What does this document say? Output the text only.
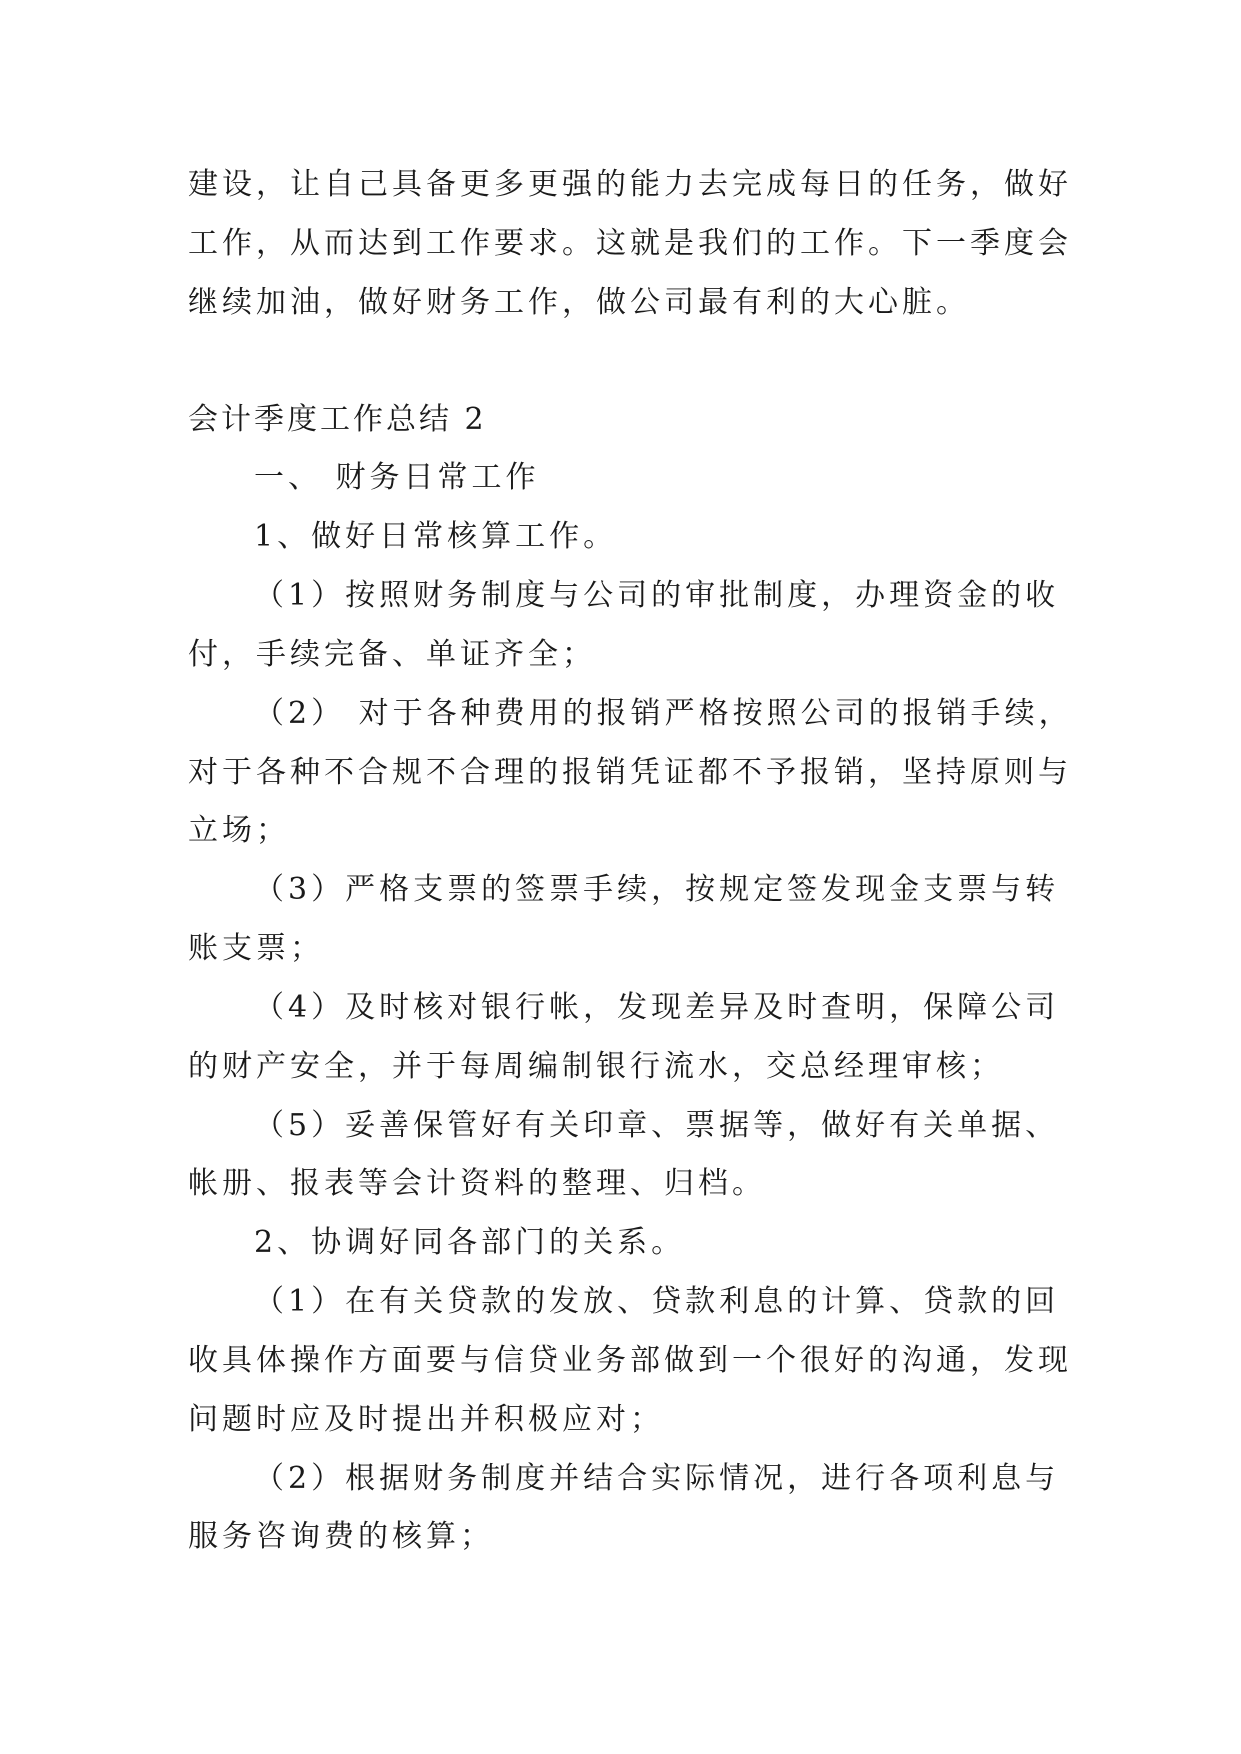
建设，让自己具备更多更强的能力去完成每日的任务，做好
工作，从而达到工作要求。这就是我们的工作。下一季度会
继续加油，做好财务工作，做公司最有利的大心脏。
会计季度工作总结 2
一、 财务日常工作
1、做好日常核算工作。
（1）按照财务制度与公司的审批制度，办理资金的收
付，手续完备、单证齐全；
（2） 对于各种费用的报销严格按照公司的报销手续，
对于各种不合规不合理的报销凭证都不予报销，坚持原则与
立场；
（3）严格支票的签票手续，按规定签发现金支票与转
账支票；
（4）及时核对银行帐，发现差异及时查明，保障公司
的财产安全，并于每周编制银行流水，交总经理审核；
（5）妥善保管好有关印章、票据等，做好有关单据、
帐册、报表等会计资料的整理、归档。
2、协调好同各部门的关系。
（1）在有关贷款的发放、贷款利息的计算、贷款的回
收具体操作方面要与信贷业务部做到一个很好的沟通，发现
问题时应及时提出并积极应对；
（2）根据财务制度并结合实际情况，进行各项利息与
服务咨询费的核算；
